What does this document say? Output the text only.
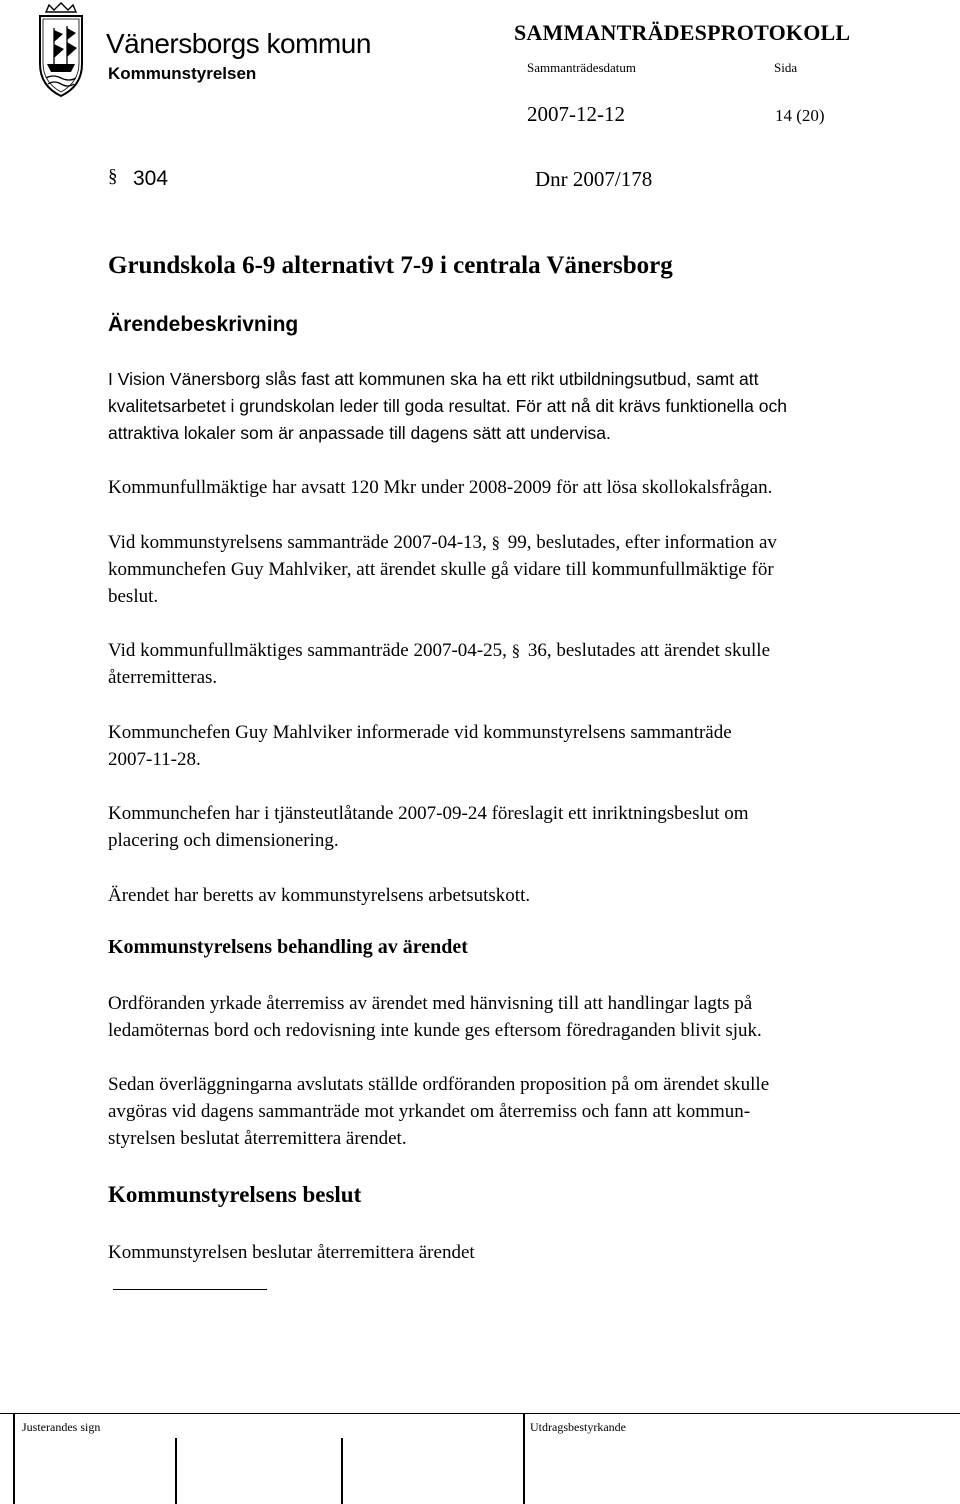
Vänersborgs kommun
Kommunstyrelsen
SAMMANTRÄDESPROTOKOLL
Sammanträdesdatum	Sida
2007-12-12	14 (20)
§ 304	Dnr 2007/178
Grundskola 6-9 alternativt 7-9 i centrala Vänersborg
Ärendebeskrivning
I Vision Vänersborg slås fast att kommunen ska ha ett rikt utbildningsutbud, samt att
kvalitetsarbetet i grundskolan leder till goda resultat. För att nå dit krävs funktionella och
attraktiva lokaler som är anpassade till dagens sätt att undervisa.
Kommunfullmäktige har avsatt 120 Mkr under 2008-2009 för att lösa skollokalsfrågan.
Vid kommunstyrelsens sammanträde 2007-04-13, § 99, beslutades, efter information av
kommunchefen Guy Mahlviker, att ärendet skulle gå vidare till kommunfullmäktige för
beslut.
Vid kommunfullmäktiges sammanträde 2007-04-25, § 36, beslutades att ärendet skulle
återremitteras.
Kommunchefen Guy Mahlviker informerade vid kommunstyrelsens sammanträde
2007-11-28.
Kommunchefen har i tjänsteutlåtande 2007-09-24 föreslagit ett inriktningsbeslut om
placering och dimensionering.
Ärendet har beretts av kommunstyrelsens arbetsutskott.
Kommunstyrelsens behandling av ärendet
Ordföranden yrkade återremiss av ärendet med hänvisning till att handlingar lagts på
ledamöternas bord och redovisning inte kunde ges eftersom föredraganden blivit sjuk.
Sedan överläggningarna avslutats ställde ordföranden proposition på om ärendet skulle
avgöras vid dagens sammanträde mot yrkandet om återremiss och fann att kommun-
styrelsen beslutat återremittera ärendet.
Kommunstyrelsens beslut
Kommunstyrelsen beslutar återremittera ärendet
Justerandes sign	Utdragsbestyrkande
